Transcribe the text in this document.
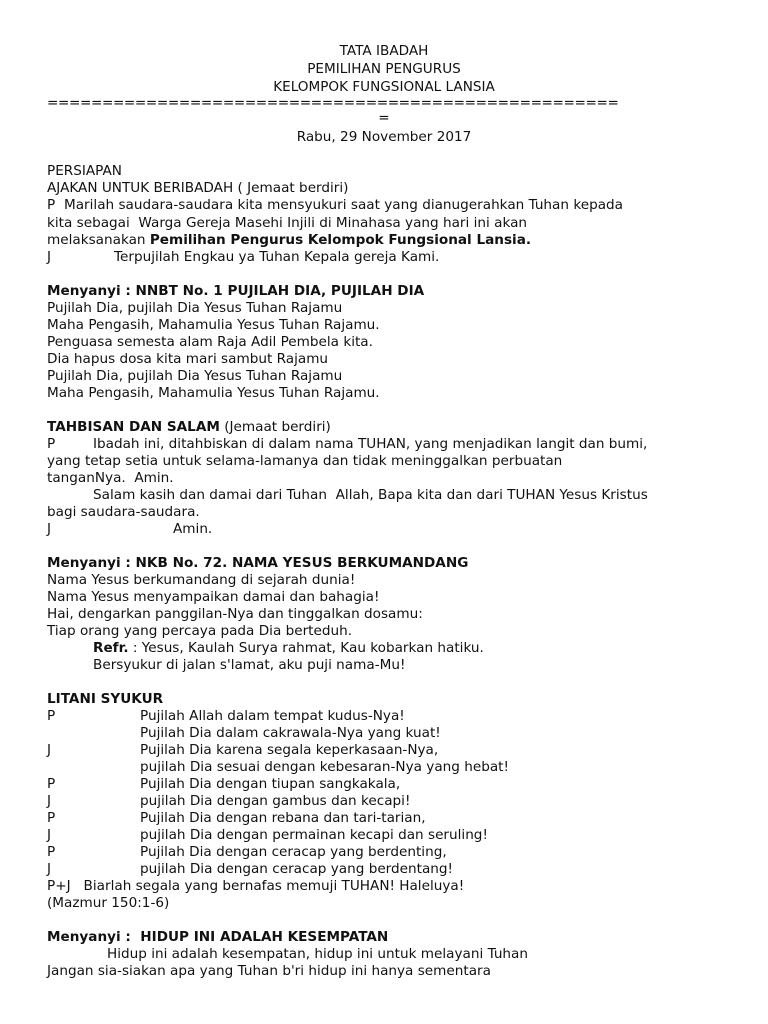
TATA IBADAH
PEMILIHAN PENGURUS
KELOMPOK FUNGSIONAL LANSIA
====================================================
=
Rabu, 29 November 2017
PERSIAPAN
AJAKAN UNTUK BERIBADAH ( Jemaat berdiri)
P Marilah saudara-saudara kita mensyukuri saat yang dianugerahkan Tuhan kepada
kita sebagai  Warga Gereja Masehi Injili di Minahasa yang hari ini akan
melaksanakan Pemilihan Pengurus Kelompok Fungsional Lansia.
J	Terpujilah Engkau ya Tuhan Kepala gereja Kami.
Menyanyi : NNBT No. 1 PUJILAH DIA, PUJILAH DIA
Pujilah Dia, pujilah Dia Yesus Tuhan Rajamu
Maha Pengasih, Mahamulia Yesus Tuhan Rajamu.
Penguasa semesta alam Raja Adil Pembela kita.
Dia hapus dosa kita mari sambut Rajamu
Pujilah Dia, pujilah Dia Yesus Tuhan Rajamu
Maha Pengasih, Mahamulia Yesus Tuhan Rajamu.
TAHBISAN DAN SALAM (Jemaat berdiri)
P	Ibadah ini, ditahbiskan di dalam nama TUHAN, yang menjadikan langit dan bumi,
yang tetap setia untuk selama-lamanya dan tidak meninggalkan perbuatan
tanganNya.  Amin.
Salam kasih dan damai dari Tuhan  Allah, Bapa kita dan dari TUHAN Yesus Kristus
bagi saudara-saudara.
J	Amin.
Menyanyi : NKB No. 72. NAMA YESUS BERKUMANDANG
Nama Yesus berkumandang di sejarah dunia!
Nama Yesus menyampaikan damai dan bahagia!
Hai, dengarkan panggilan-Nya dan tinggalkan dosamu:
Tiap orang yang percaya pada Dia berteduh.
Refr. : Yesus, Kaulah Surya rahmat, Kau kobarkan hatiku.
Bersyukur di jalan s'lamat, aku puji nama-Mu!
LITANI SYUKUR
P	Pujilah Allah dalam tempat kudus-Nya!
Pujilah Dia dalam cakrawala-Nya yang kuat!
J	Pujilah Dia karena segala keperkasaan-Nya,
pujilah Dia sesuai dengan kebesaran-Nya yang hebat!
P	Pujilah Dia dengan tiupan sangkakala,
J	pujilah Dia dengan gambus dan kecapi!
P	Pujilah Dia dengan rebana dan tari-tarian,
J	pujilah Dia dengan permainan kecapi dan seruling!
P	Pujilah Dia dengan ceracap yang berdenting,
J	pujilah Dia dengan ceracap yang berdentang!
P+J   Biarlah segala yang bernafas memuji TUHAN! Haleluya!
(Mazmur 150:1-6)
Menyanyi :  HIDUP INI ADALAH KESEMPATAN
Hidup ini adalah kesempatan, hidup ini untuk melayani Tuhan
Jangan sia-siakan apa yang Tuhan b'ri hidup ini hanya sementara
